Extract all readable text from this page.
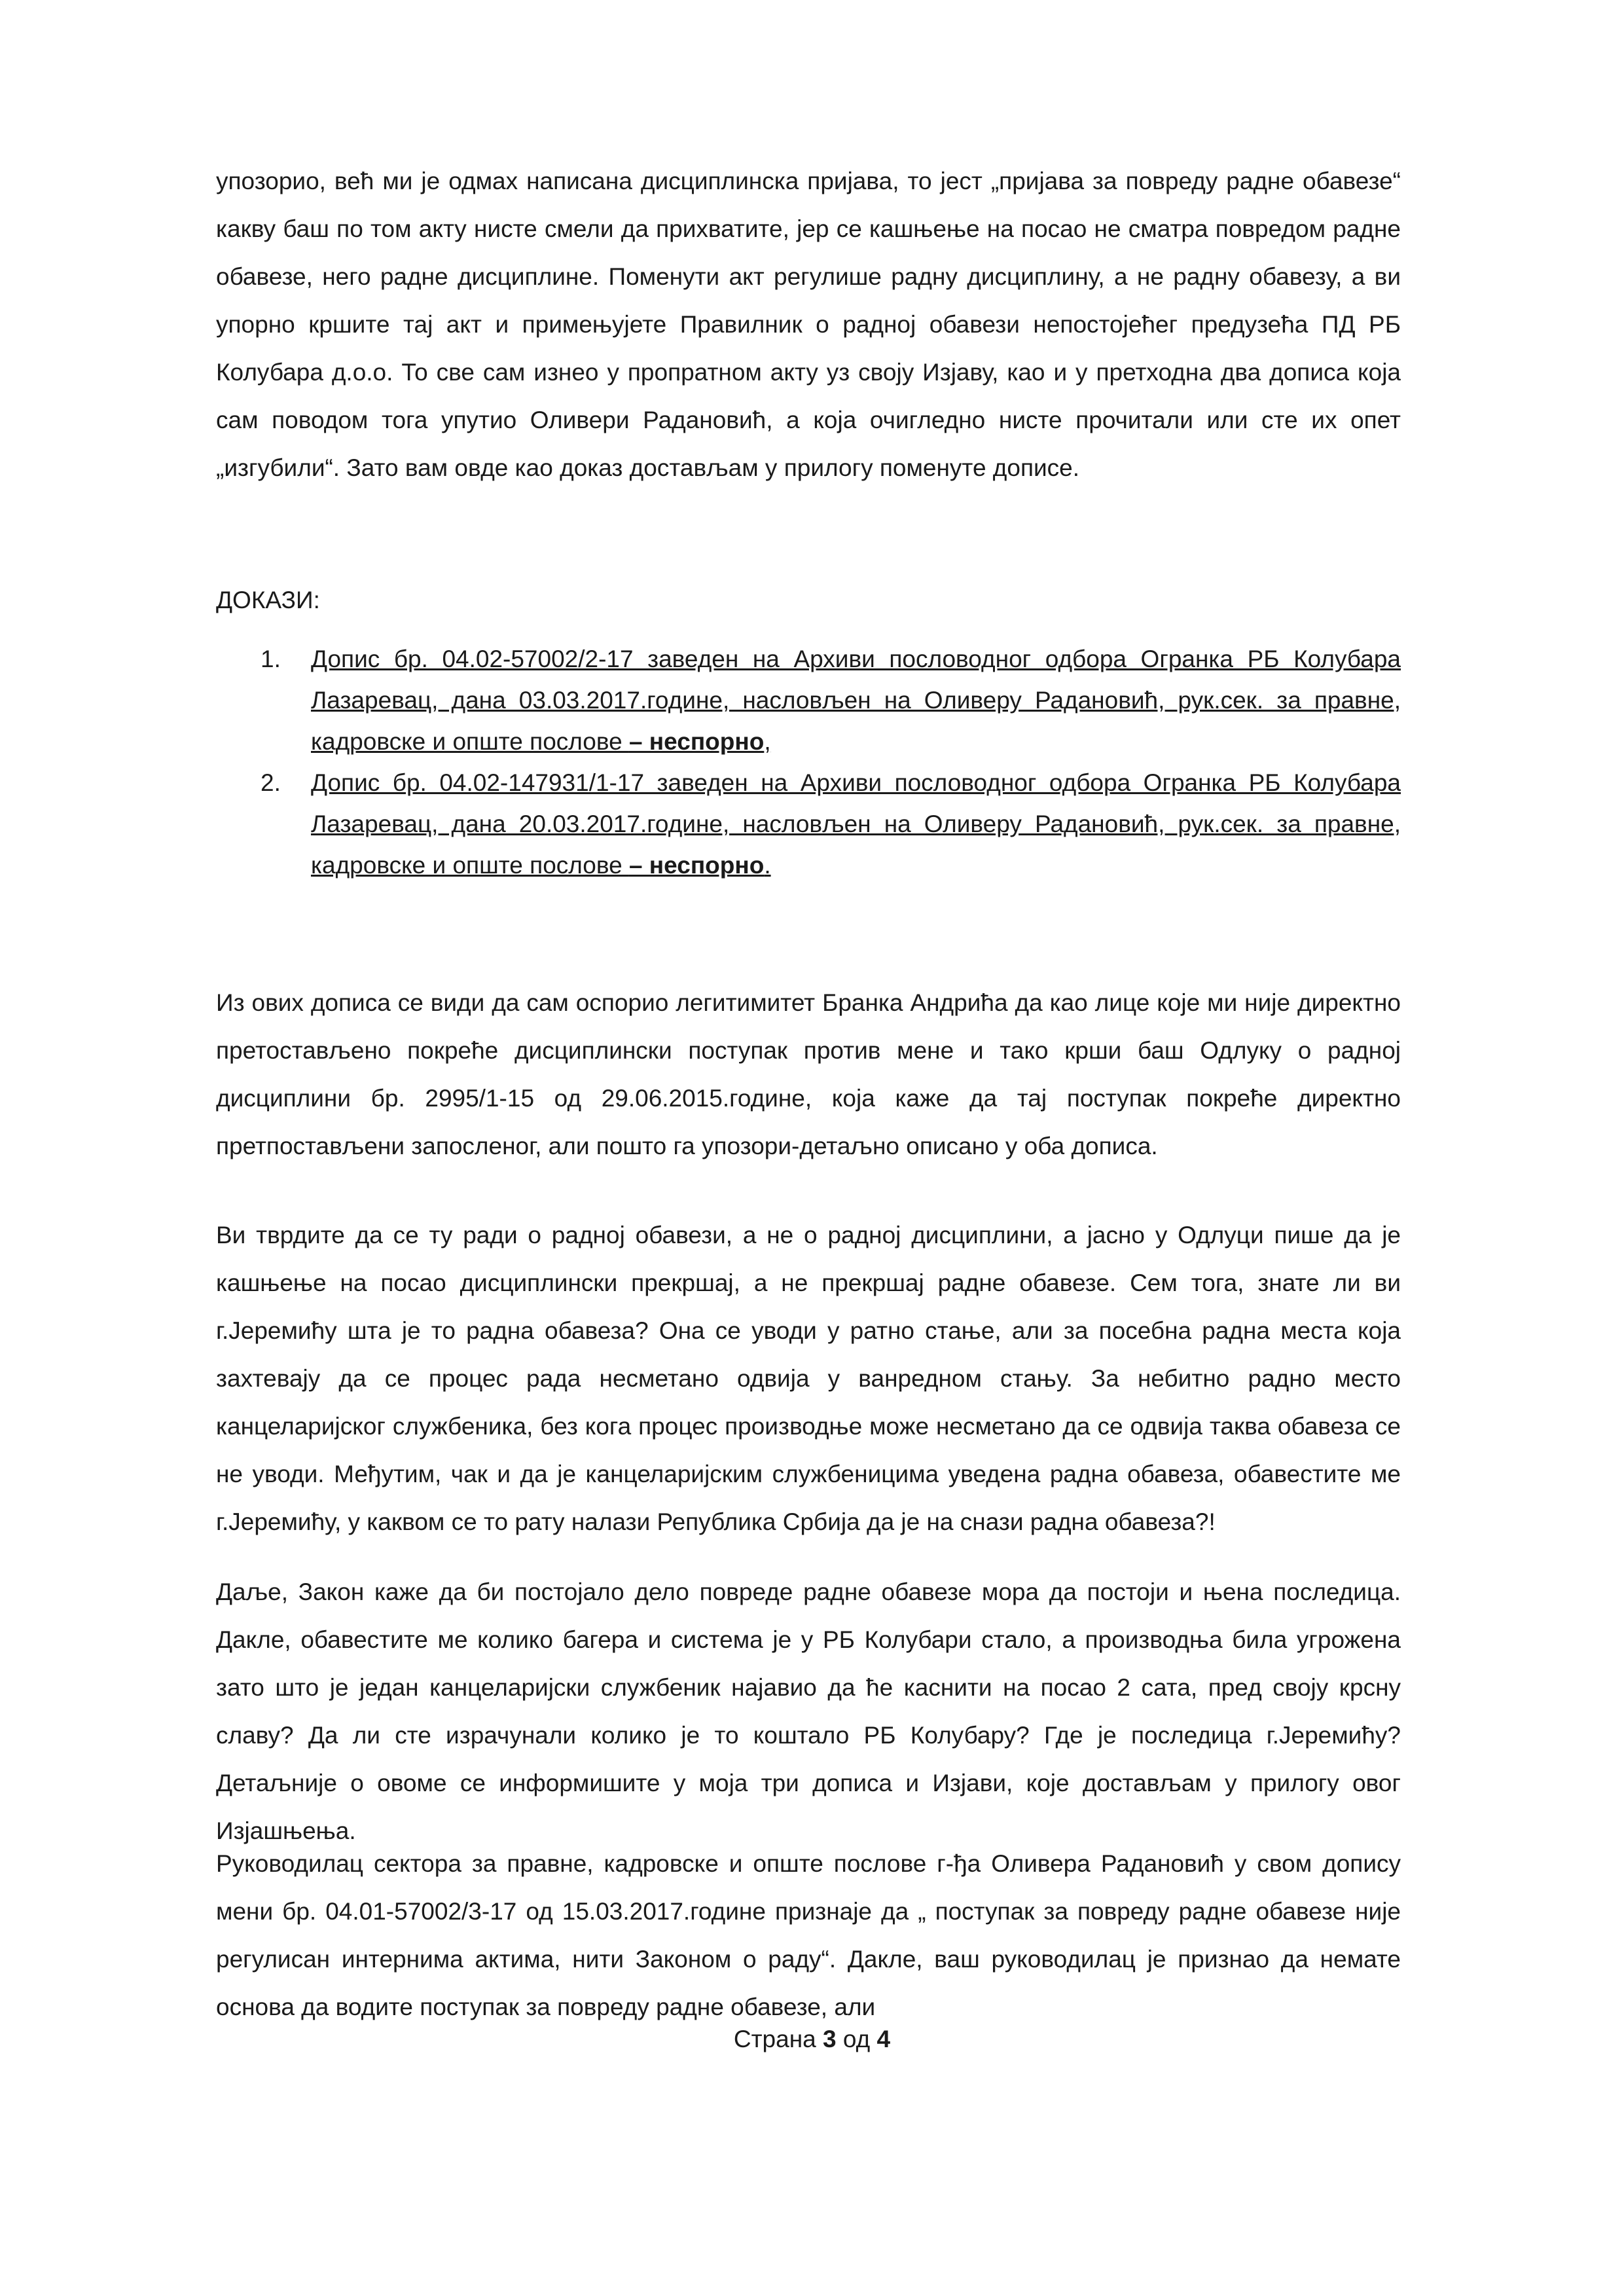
упозорио, већ ми је одмах написана дисциплинска пријава, то јест „пријава за повреду радне обавезе“ какву баш по том акту нисте смели да прихватите, јер се кашњење на посао не сматра повредом радне обавезе, него радне дисциплине. Поменути акт регулише радну дисциплину, а не радну обавезу, а ви упорно кршите тај акт и примењујете Правилник о радној обавези непостојећег предузећа ПД РБ Колубара д.о.о. То све сам изнео у пропратном акту уз своју Изјаву, као и у претходна два дописа која сам поводом тога упутио Оливери Радановић, а која очигледно нисте прочитали или сте их опет „изгубили“. Зато вам овде као доказ достављам у прилогу поменуте дописе.

ДОКАЗИ:
1. Допис бр. 04.02-57002/2-17 заведен на Архиви пословодног одбора Огранка РБ Колубара Лазаревац, дана 03.03.2017.године, насловљен на Оливеру Радановић, рук.сек. за правне, кадровске и опште послове – неспорно,
2. Допис бр. 04.02-147931/1-17 заведен на Архиви пословодног одбора Огранка РБ Колубара Лазаревац, дана 20.03.2017.године, насловљен на Оливеру Радановић, рук.сек. за правне, кадровске и опште послове – неспорно.

Из ових дописа се види да сам оспорио легитимитет Бранка Андрића да као лице које ми није директно претостављено покреће дисциплински поступак против мене и тако крши баш Одлуку о радној дисциплини бр. 2995/1-15 од 29.06.2015.године, која каже да тај поступак покреће директно претпостављени запосленог, али пошто га упозори-детаљно описано у оба дописа.

Ви тврдите да се ту ради о радној обавези, а не о радној дисциплини, а јасно у Одлуци пише да је кашњење на посао дисциплински прекршај, а не прекршај радне обавезе. Сем тога, знате ли ви г.Јеремићу шта је то радна обавеза? Она се уводи у ратно стање, али за посебна радна места која захтевају да се процес рада несметано одвија у ванредном стању. За небитно радно место канцеларијског службеника, без кога процес производње може несметано да се одвија таква обавеза се не уводи. Међутим, чак и да је канцеларијским службеницима уведена радна обавеза, обавестите ме г.Јеремићу, у каквом се то рату налази Република Србија да је на снази радна обавеза?!

Даље, Закон каже да би постојало дело повреде радне обавезе мора да постоји и њена последица. Дакле, обавестите ме колико багера и система је у РБ Колубари стало, а производња била угрожена зато што је један канцеларијски службеник најавио да ће каснити на посао 2 сата, пред своју крсну славу? Да ли сте израчунали колико је то коштало РБ Колубару? Где је последица г.Јеремићу? Детаљније о овоме се информишите у моја три дописа и Изјави, које достављам у прилогу овог Изјашњења.

Руководилац сектора за правне, кадровске и опште послове г-ђа Оливера Радановић у свом допису мени бр. 04.01-57002/3-17 од 15.03.2017.године признаје да „ поступак за повреду радне обавезе није регулисан интернима актима, нити Законом о раду“. Дакле, ваш руководилац је признао да немате основа да водите поступак за повреду радне обавезе, али

Страна 3 од 4
